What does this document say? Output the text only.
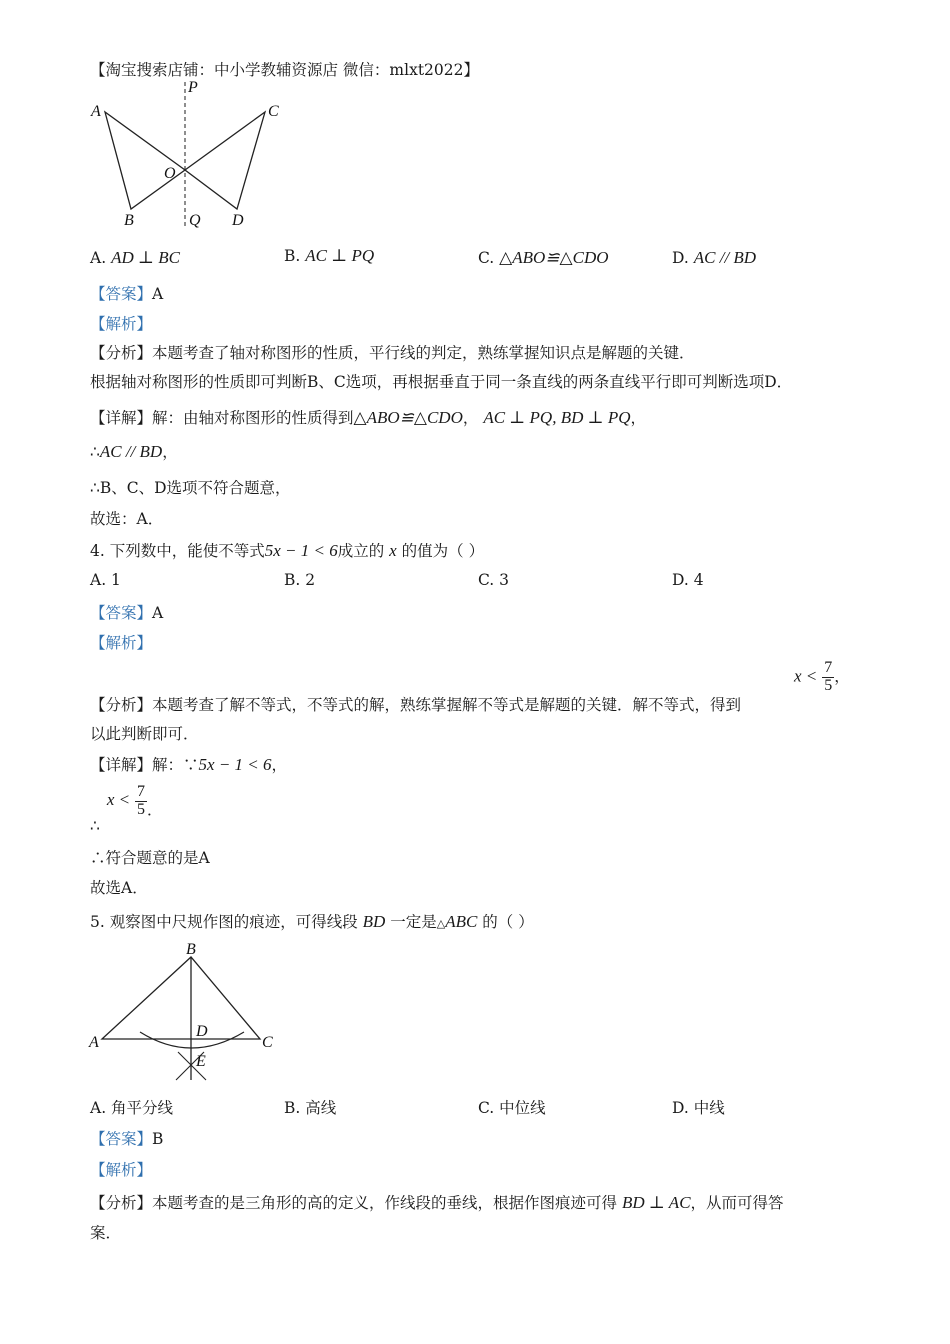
【淘宝搜索店铺：中小学教辅资源店 微信：mlxt2022】
P
A	C
O
B	Q D
A. AD ⊥ BC	B. AC ⊥ PQ	C. △ABO≌△CDO	D. AC // BD
【答案】A
【解析】
【分析】本题考查了轴对称图形的性质，平行线的判定，熟练掌握知识点是解题的关键．
根据轴对称图形的性质即可判断B、C选项，再根据垂直于同一条直线的两条直线平行即可判断选项D．
【详解】解：由轴对称图形的性质得到△ABO≌△CDO， AC ⊥ PQ, BD ⊥ PQ，
∴AC // BD，
∴B、C、D选项不符合题意，
故选：A．
4. 下列数中，能使不等式5x − 1 < 6成立的 x 的值为（ ）
A. 1	B. 2	C. 3	D. 4
【答案】A
【解析】
【分析】本题考查了解不等式，不等式的解，熟练掌握解不等式是解题的关键．解不等式，得到
$x < \frac{7}{5}$ ，
以此判断即可．
【详解】解：∵5x − 1 < 6，
∴ $x < \frac{7}{5}$ ．
∴符合题意的是A
故选A．
5. 观察图中尺规作图的痕迹，可得线段 BD 一定是△ABC 的（ ）
B
A	C
D
E
A. 角平分线	B. 高线	C. 中位线	D. 中线
【答案】B
【解析】
【分析】本题考查的是三角形的高的定义，作线段的垂线，根据作图痕迹可得 BD ⊥ AC，从而可得答
案．
